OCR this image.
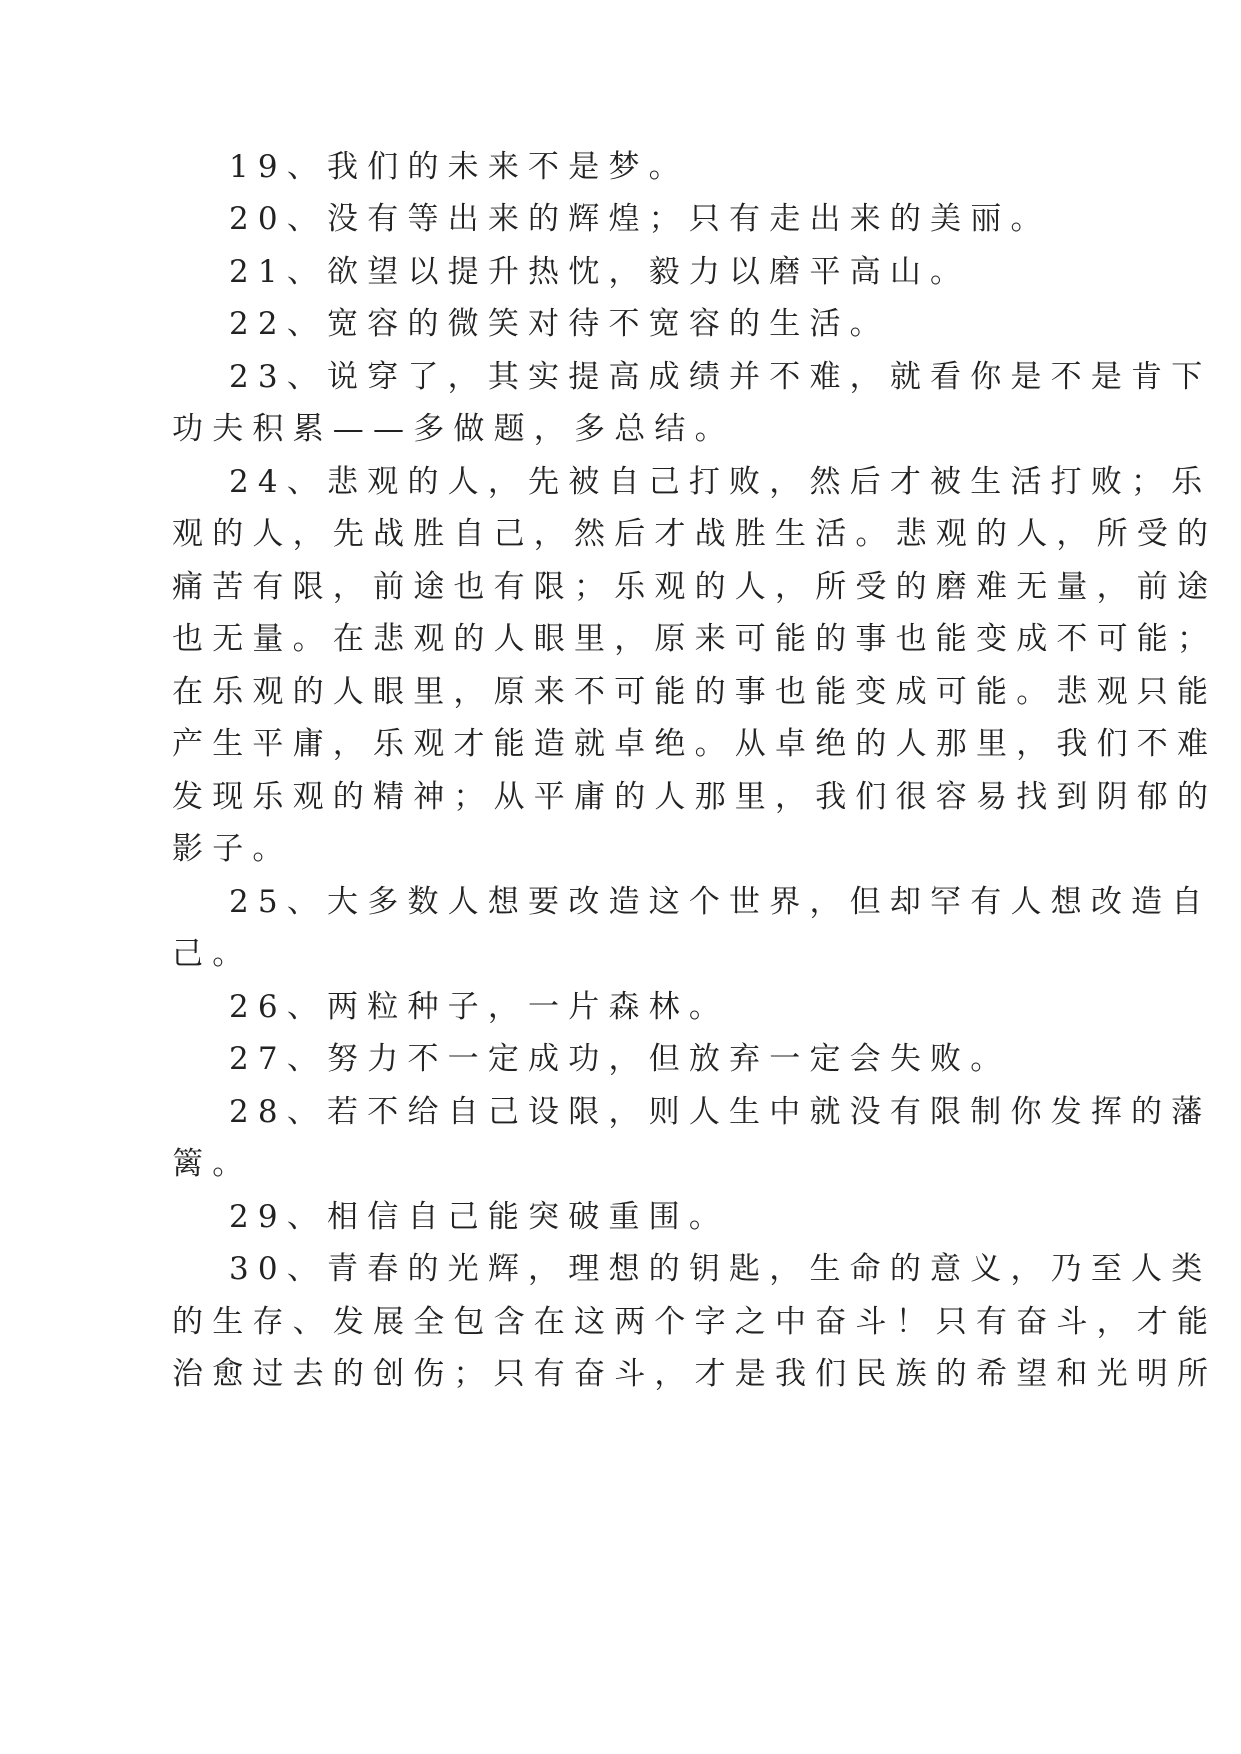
19、我们的未来不是梦。
20、没有等出来的辉煌；只有走出来的美丽。
21、欲望以提升热忱，毅力以磨平高山。
22、宽容的微笑对待不宽容的生活。
23、说穿了，其实提高成绩并不难，就看你是不是肯下
功夫积累——多做题，多总结。
24、悲观的人，先被自己打败，然后才被生活打败；乐
观的人，先战胜自己，然后才战胜生活。悲观的人，所受的
痛苦有限，前途也有限；乐观的人，所受的磨难无量，前途
也无量。在悲观的人眼里，原来可能的事也能变成不可能；
在乐观的人眼里，原来不可能的事也能变成可能。悲观只能
产生平庸，乐观才能造就卓绝。从卓绝的人那里，我们不难
发现乐观的精神；从平庸的人那里，我们很容易找到阴郁的
影子。
25、大多数人想要改造这个世界，但却罕有人想改造自
己。
26、两粒种子，一片森林。
27、努力不一定成功，但放弃一定会失败。
28、若不给自己设限，则人生中就没有限制你发挥的藩
篱。
29、相信自己能突破重围。
30、青春的光辉，理想的钥匙，生命的意义，乃至人类
的生存、发展全包含在这两个字之中奋斗！只有奋斗，才能
治愈过去的创伤；只有奋斗，才是我们民族的希望和光明所
